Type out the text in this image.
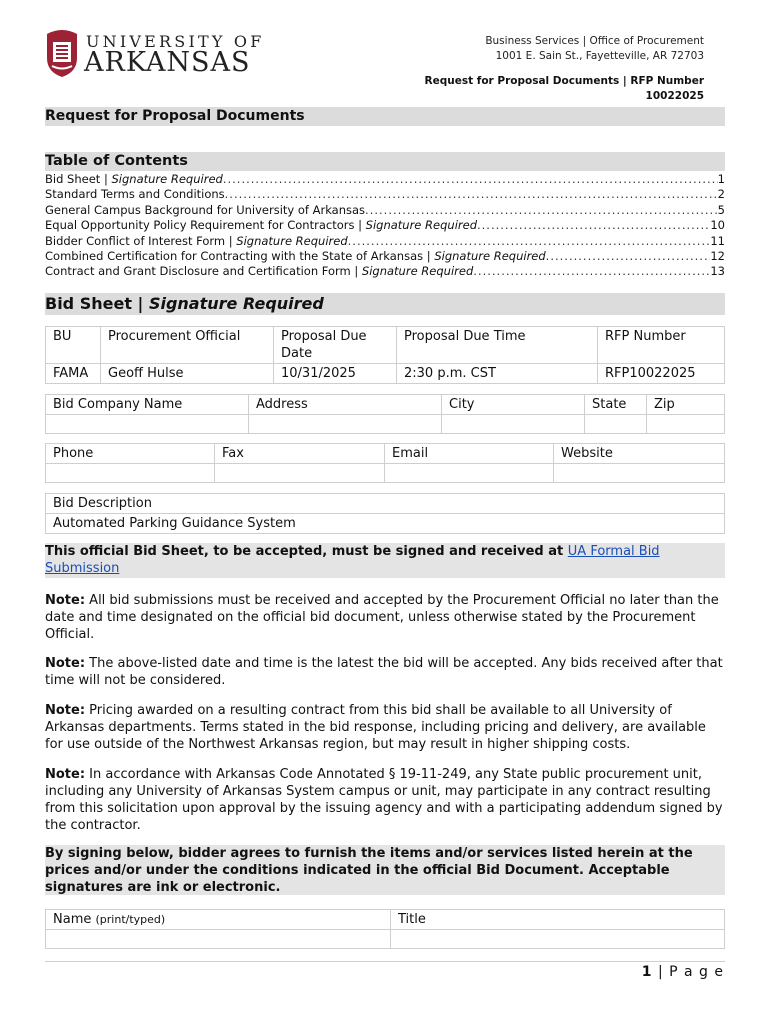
UNIVERSITY OF
ARKANSAS
Business Services | Office of Procurement
1001 E. Sain St., Fayetteville, AR 72703
Request for Proposal Documents | RFP Number
10022025
Request for Proposal Documents
Table of Contents
Bid Sheet | Signature Required .....	1
Standard Terms and Conditions .....	2
General Campus Background for University of Arkansas .....	5
Equal Opportunity Policy Requirement for Contractors | Signature Required .....	10
Bidder Conflict of Interest Form | Signature Required .....	11
Combined Certification for Contracting with the State of Arkansas | Signature Required .....	12
Contract and Grant Disclosure and Certification Form | Signature Required .....	13
Bid Sheet | Signature Required
BU	Procurement Official	Proposal Due Date	Proposal Due Time	RFP Number
FAMA	Geoff Hulse	10/31/2025	2:30 p.m. CST	RFP10022025
Bid Company Name	Address	City	State	Zip

Phone	Fax	Email	Website

Bid Description
Automated Parking Guidance System
This official Bid Sheet, to be accepted, must be signed and received at UA Formal Bid Submission
Note: All bid submissions must be received and accepted by the Procurement Official no later than the date and time designated on the official bid document, unless otherwise stated by the Procurement Official.
Note: The above-listed date and time is the latest the bid will be accepted. Any bids received after that time will not be considered.
Note: Pricing awarded on a resulting contract from this bid shall be available to all University of Arkansas departments. Terms stated in the bid response, including pricing and delivery, are available for use outside of the Northwest Arkansas region, but may result in higher shipping costs.
Note: In accordance with Arkansas Code Annotated § 19-11-249, any State public procurement unit, including any University of Arkansas System campus or unit, may participate in any contract resulting from this solicitation upon approval by the issuing agency and with a participating addendum signed by the contractor.
By signing below, bidder agrees to furnish the items and/or services listed herein at the prices and/or under the conditions indicated in the official Bid Document. Acceptable signatures are ink or electronic.
Name (print/typed)	Title

1 | P a g e
